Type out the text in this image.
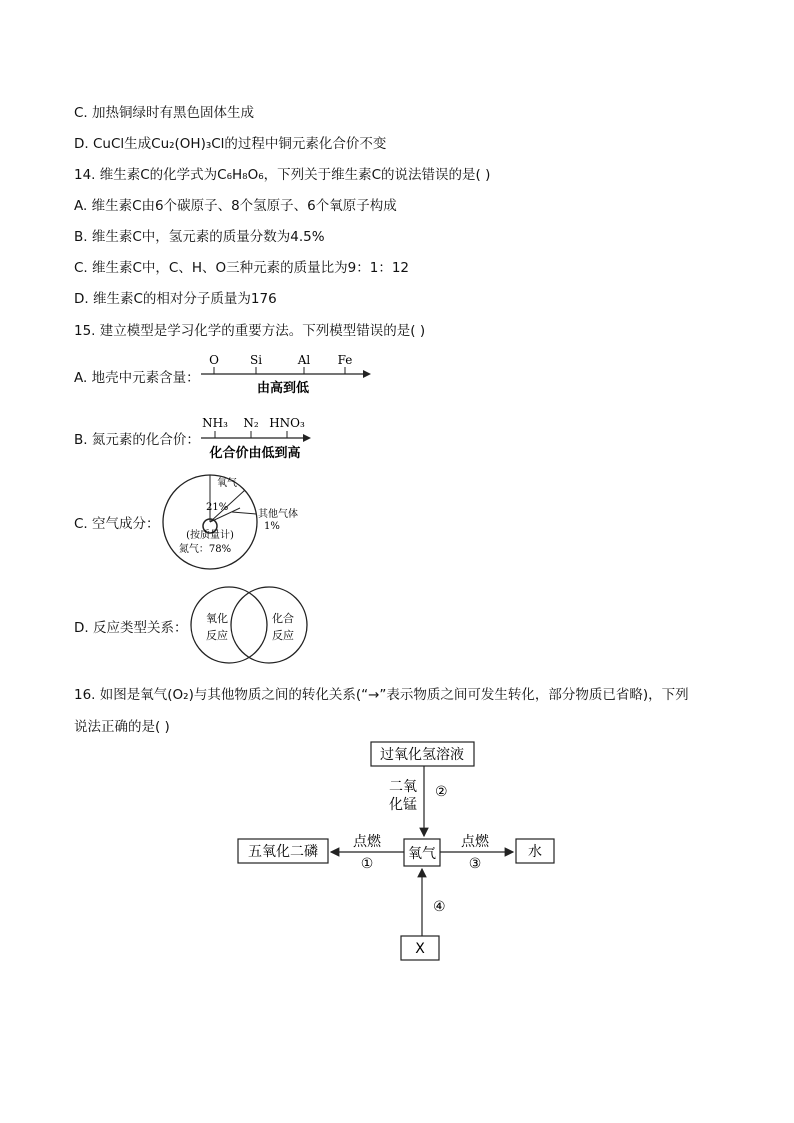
C. 加热铜绿时有黑色固体生成
D. CuCl生成Cu₂(OH)₃Cl的过程中铜元素化合价不变
14. 维生素C的化学式为C₆H₈O₆，下列关于维生素C的说法错误的是( )
A. 维生素C由6个碳原子、8个氢原子、6个氧原子构成
B. 维生素C中，氢元素的质量分数为4.5%
C. 维生素C中，C、H、O三种元素的质量比为9：1：12
D. 维生素C的相对分子质量为176
15. 建立模型是学习化学的重要方法。下列模型错误的是( )
A. 地壳中元素含量：
B. 氮元素的化合价：
C. 空气成分：
D. 反应类型关系：
16. 如图是氧气(O₂)与其他物质之间的转化关系(“→”表示物质之间可发生转化，部分物质已省略)，下列
说法正确的是( )
O	Si	Al Fe
由高到低
NH₃ N₂ HNO₃
化合价由低到高
氧气
21%
其他气体
1%
(按质量计)
氮气：78%
氧化
反应
化合
反应
过氧化氢溶液
氧气
五氧化二磷	水
X
二氧
化锰
②
点燃
①
点燃
③
④
